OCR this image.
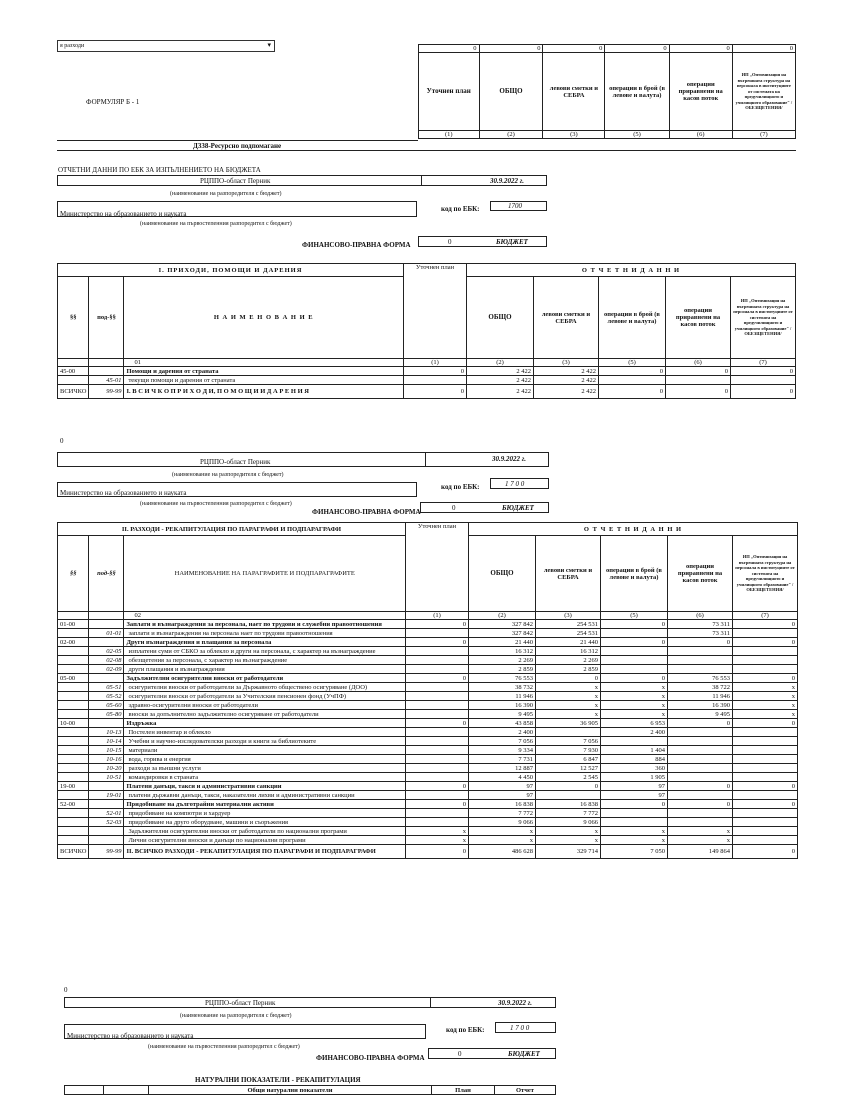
я разходи	▾
ФОРМУЛЯР Б - 1
0	0	0	0	0	0
Уточнен план	ОБЩО	левови сметки и СЕБРА	операции в брой (в левове и валута)	операции приравнени на касов поток	ИП „Оптимизация на вътрешната структура на персонала в институциите от системата на предучилищното и училищното образование" /ОБЕЗЩЕТЕНИЯ/
(1)	(2)	(3)	(5)	(6)	(7)
Д338-Ресурсно подпомагане
ОТЧЕТНИ ДАННИ ПО ЕБК ЗА ИЗПЪЛНЕНИЕТО НА БЮДЖЕТА
РЦППО-област Перник	30.9.2022 г.
(наименование на разпоредителя с бюджет)
Министерство на образованието и науката
код по ЕБК:	1700
(наименование на първостепенния разпоредител с бюджет)
ФИНАНСОВО-ПРАВНА ФОРМА	0	БЮДЖЕТ
I. ПРИХОДИ, ПОМОЩИ И ДАРЕНИЯ			Уточнен план	О Т Ч Е Т Н И Д А Н Н И				
§§	под-§§	Н А И М Е Н О В А Н И Е		ОБЩО	левови сметки и СЕБРА	операции в брой (в левове и валута)	операции приравнени на касов поток	ИП „Оптимизация на вътрешната структура на персонала в институциите от системата на предучилищното и училищното образование" /ОБЕЗЩЕТЕНИЯ/
		01	(1)	(2)	(3)	(5)	(6)	(7)
45-00		Помощи и дарения от страната	0	2 422	2 422	0	0	0
	45-01	текущи помощи и дарения от страната		2 422	2 422			
ВСИЧКО	99-99	I. В С И Ч К О П Р И Х О Д И, П О М О Щ И И Д А Р Е Н И Я	0	2 422	2 422	0	0	0
0
РЦППО-област Перник	30.9.2022 г.
(наименование на разпоредителя с бюджет)
Министерство на образованието и науката
код по ЕБК:	1 7 0 0
(наименование на първостепенния разпоредител с бюджет)
ФИНАНСОВО-ПРАВНА ФОРМА	0	БЮДЖЕТ
II. РАЗХОДИ - РЕКАПИТУЛАЦИЯ ПО ПАРАГРАФИ И ПОДПАРАГРАФИ			Уточнен план	О Т Ч Е Т Н И Д А Н Н И				
§§	под-§§	НАИМЕНОВАНИЕ НА ПАРАГРАФИТЕ И ПОДПАРАГРАФИТЕ		ОБЩО	левови сметки и СЕБРА	операции в брой (в левове и валута)	операции приравнени на касов поток	ИП „Оптимизация на вътрешната структура на персонала в институциите от системата на предучилищното и училищното образование" /ОБЕЗЩЕТЕНИЯ/
		02	(1)	(2)	(3)	(5)	(6)	(7)
01-00		Заплати и възнаграждения за персонала, нает по трудови и служебни правоотношения	0	327 842	254 531	0	73 311	0
	01-01	заплати и възнаграждения на персонала нает по трудови правоотношения		327 842	254 531		73 311	
02-00		Други възнаграждения и плащания за персонала	0	21 440	21 440	0	0	0
	02-05	изплатени суми от СБКО за облекло и други на персонала, с характер на възнаграждение		16 312	16 312			
	02-08	обезщетения за персонала, с характер на възнаграждение		2 269	2 269			
	02-09	други плащания и възнаграждения		2 859	2 859			
05-00		Задължителни осигурителни вноски от работодатели	0	76 553	0	0	76 553	0
	05-51	осигурителни вноски от работодатели за Държавното обществено осигуряване (ДОО)		38 732	x	x	38 722	x
	05-52	осигурителни вноски от работодатели за Учителския пенсионен фонд (УчПФ)		11 946	x	x	11 946	x
	05-60	здравно-осигурителни вноски от работодатели		16 390	x	x	16 390	x
	05-80	вноски за допълнително задължително осигуряване от работодатели		9 495	x	x	9 495	x
10-00		Издръжка	0	43 858	36 905	6 953	0	0
	10-13	Постелен инвентар и облекло		2 400		2 400		
	10-14	Учебни и научно-изследователски разходи и книги за библиотеките		7 056	7 056			
	10-15	материали		9 334	7 930	1 404		
	10-16	вода, горива и енергия		7 731	6 847	884		
	10-20	разходи за външни услуги		12 887	12 527	360		
	10-51	командировки в страната		4 450	2 545	1 905		
19-00		Платени данъци, такси и административни санкции	0	97	0	97	0	0
	19-01	платени държавни данъци, такси, наказателни лихви и административни санкции		97		97		
52-00		Придобиване на дълготрайни материални активи	0	16 838	16 838	0	0	0
	52-01	придобиване на компютри и хардуер		7 772	7 772			
	52-03	придобиване на друго оборудване, машини и съоръжения		9 066	9 066			
		Задължителни осигурителни вноски от работодатели по национални програми	x	x	x	x	x	
		Лични осигурителни вноски и данъци по национални програми	x	x	x	x	x	
ВСИЧКО	99-99	II. ВСИЧКО РАЗХОДИ - РЕКАПИТУЛАЦИЯ ПО ПАРАГРАФИ И ПОДПАРАГРАФИ	0	486 628	329 714	7 050	149 864	0
0
РЦППО-област Перник	30.9.2022 г.
(наименование на разпоредителя с бюджет)
Министерство на образованието и науката
код по ЕБК:	1 7 0 0
(наименование на първостепенния разпоредител с бюджет)
ФИНАНСОВО-ПРАВНА ФОРМА	0	БЮДЖЕТ
НАТУРАЛНИ ПОКАЗАТЕЛИ - РЕКАПИТУЛАЦИЯ
		Общи натурални показатели	План	Отчет
